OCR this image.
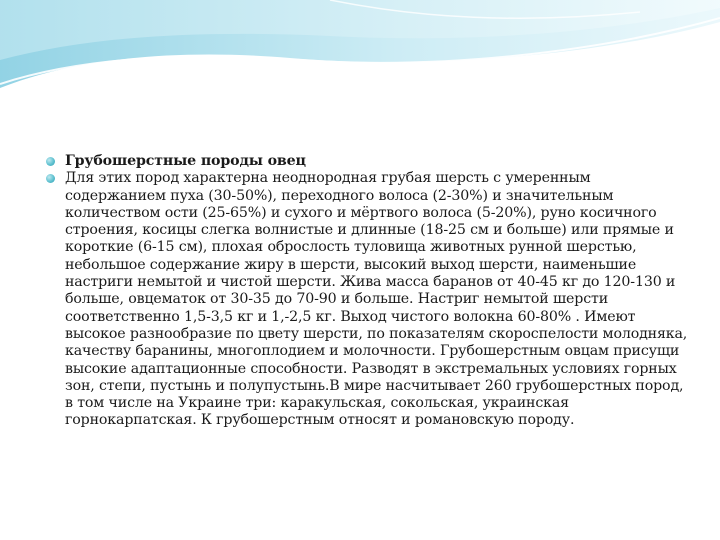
Грубошерстные породы овец
Для этих пород характерна неоднородная грубая шерсть с умеренным содержанием пуха (30-50%), переходного волоса (2-30%) и значительным количеством ости (25-65%) и сухого и мёртвого волоса (5-20%), руно косичного строения, косицы слегка волнистые и длинные (18-25 см и больше) или прямые и короткие (6-15 см), плохая оброслость туловища животных рунной шерстью, небольшое содержание жиру в шерсти, высокий выход шерсти, наименьшие настриги немытой и чистой шерсти. Жива масса баранов от 40-45 кг до 120-130 и больше, овцематок от 30-35 до 70-90 и больше. Настриг немытой шерсти соответственно 1,5-3,5 кг и 1,-2,5 кг. Выход чистого волокна 60-80% . Имеют высокое разнообразие по цвету шерсти, по показателям скороспелости молодняка, качеству баранины, многоплодием и молочности. Грубошерстным овцам присущи высокие адаптационные способности. Разводят в экстремальных условиях горных зон, степи, пустынь и полупустынь.В мире насчитывает 260 грубошерстных пород, в том числе на Украине три: каракульская, сокольская, украинская горнокарпатская. К грубошерстным относят и романовскую породу.
